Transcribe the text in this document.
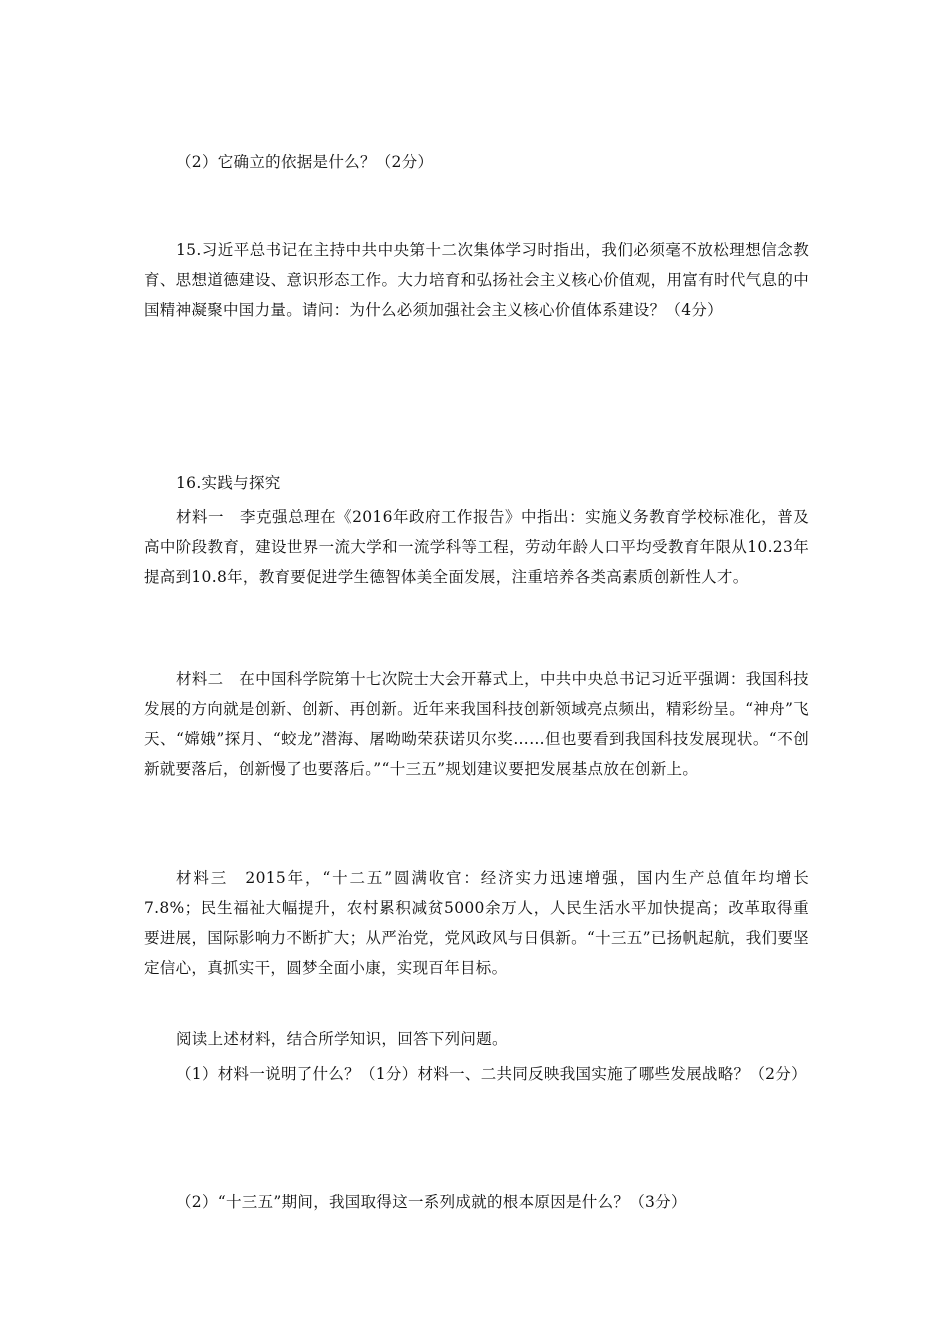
（2）它确立的依据是什么？（2分）

15.习近平总书记在主持中共中央第十二次集体学习时指出，我们必须毫不放松理想信念教育、思想道德建设、意识形态工作。大力培育和弘扬社会主义核心价值观，用富有时代气息的中国精神凝聚中国力量。请问：为什么必须加强社会主义核心价值体系建设？（4分）

16.实践与探究

材料一　李克强总理在《2016年政府工作报告》中指出：实施义务教育学校标准化，普及高中阶段教育，建设世界一流大学和一流学科等工程，劳动年龄人口平均受教育年限从10.23年提高到10.8年，教育要促进学生德智体美全面发展，注重培养各类高素质创新性人才。

材料二　在中国科学院第十七次院士大会开幕式上，中共中央总书记习近平强调：我国科技发展的方向就是创新、创新、再创新。近年来我国科技创新领域亮点频出，精彩纷呈。“神舟”飞天、“嫦娥”探月、“蛟龙”潜海、屠呦呦荣获诺贝尔奖……但也要看到我国科技发展现状。“不创新就要落后，创新慢了也要落后。”“十三五”规划建议要把发展基点放在创新上。

材料三　2015年，“十二五”圆满收官：经济实力迅速增强，国内生产总值年均增长7.8%；民生福祉大幅提升，农村累积减贫5000余万人，人民生活水平加快提高；改革取得重要进展，国际影响力不断扩大；从严治党，党风政风与日俱新。“十三五”已扬帆起航，我们要坚定信心，真抓实干，圆梦全面小康，实现百年目标。

阅读上述材料，结合所学知识，回答下列问题。

（1）材料一说明了什么？（1分）材料一、二共同反映我国实施了哪些发展战略？（2分）

（2）“十三五”期间，我国取得这一系列成就的根本原因是什么？（3分）
